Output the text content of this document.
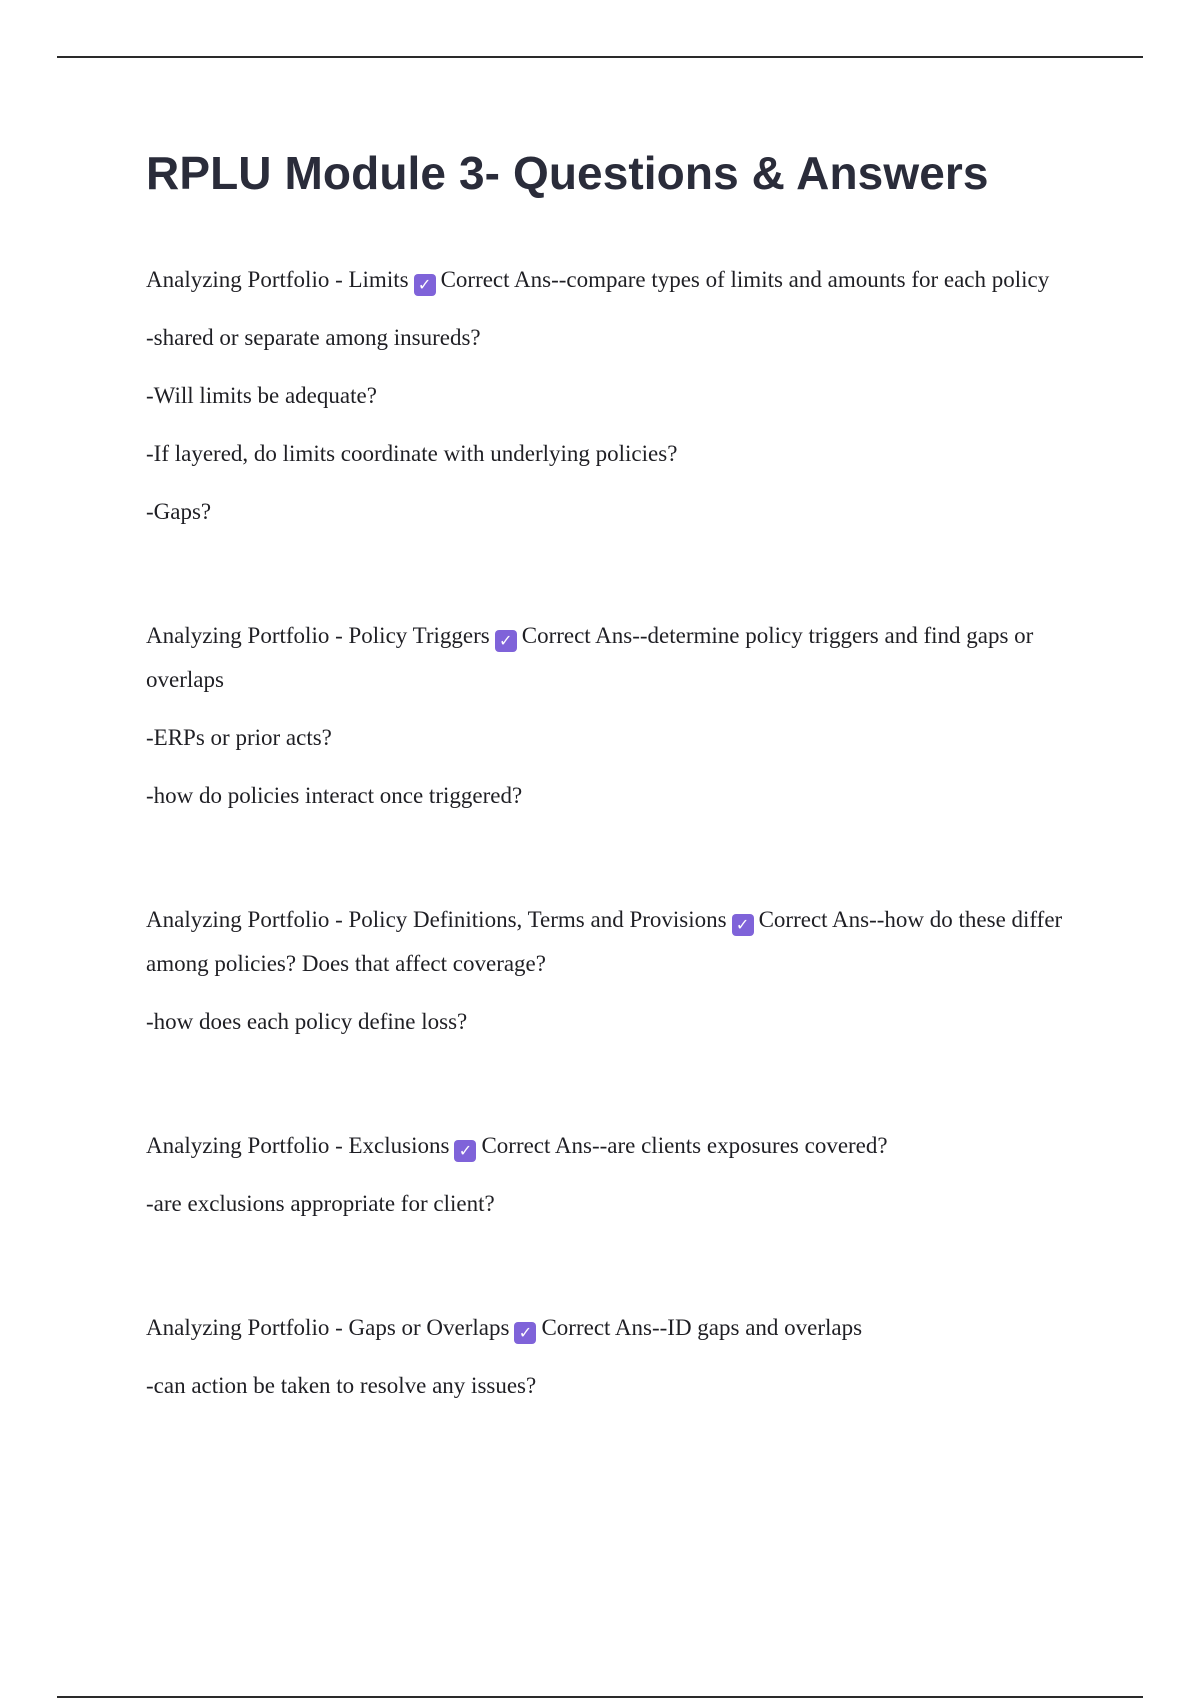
RPLU Module 3- Questions & Answers

Analyzing Portfolio - Limits ✓ Correct Ans--compare types of limits and amounts for each policy

-shared or separate among insureds?

-Will limits be adequate?

-If layered, do limits coordinate with underlying policies?

-Gaps?

Analyzing Portfolio - Policy Triggers ✓ Correct Ans--determine policy triggers and find gaps or overlaps

-ERPs or prior acts?

-how do policies interact once triggered?

Analyzing Portfolio - Policy Definitions, Terms and Provisions ✓ Correct Ans--how do these differ among policies? Does that affect coverage?

-how does each policy define loss?

Analyzing Portfolio - Exclusions ✓ Correct Ans--are clients exposures covered?

-are exclusions appropriate for client?

Analyzing Portfolio - Gaps or Overlaps ✓ Correct Ans--ID gaps and overlaps

-can action be taken to resolve any issues?
